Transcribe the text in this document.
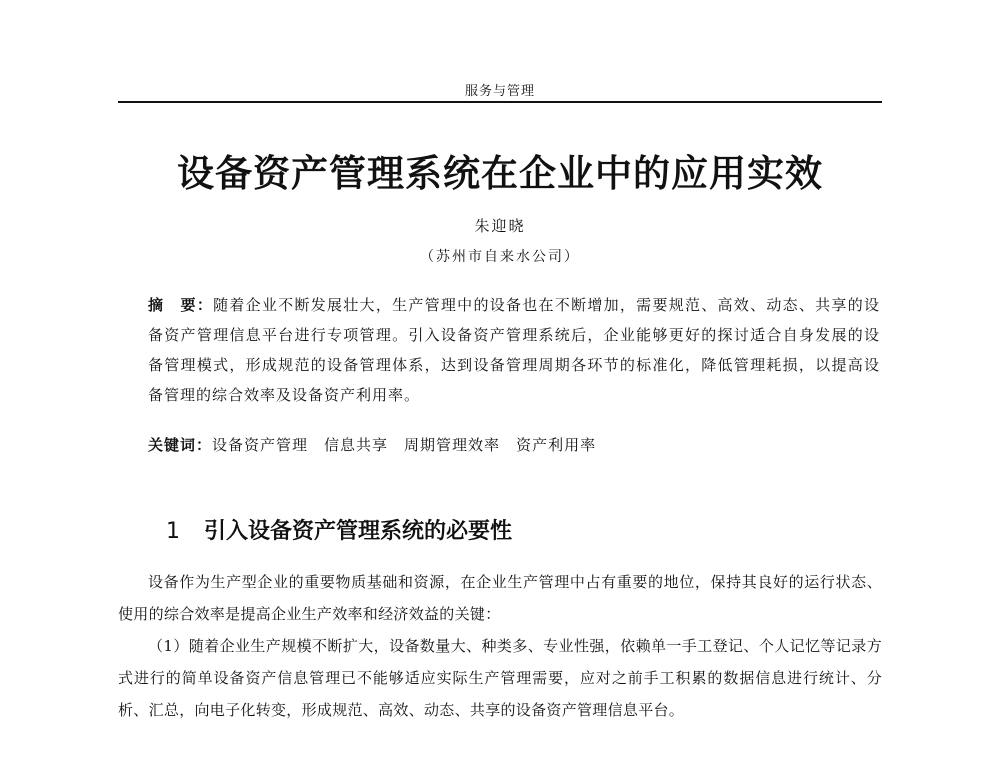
服务与管理
设备资产管理系统在企业中的应用实效
朱迎晓
（苏州市自来水公司）
摘　要：随着企业不断发展壮大，生产管理中的设备也在不断增加，需要规范、高效、动态、共享的设备资产管理信息平台进行专项管理。引入设备资产管理系统后，企业能够更好的探讨适合自身发展的设备管理模式，形成规范的设备管理体系，达到设备管理周期各环节的标准化，降低管理耗损，以提高设备管理的综合效率及设备资产利用率。
关键词：设备资产管理 信息共享 周期管理效率 资产利用率
1 引入设备资产管理系统的必要性

设备作为生产型企业的重要物质基础和资源，在企业生产管理中占有重要的地位，保持其良好的运行状态、使用的综合效率是提高企业生产效率和经济效益的关键：

（1）随着企业生产规模不断扩大，设备数量大、种类多、专业性强，依赖单一手工登记、个人记忆等记录方式进行的简单设备资产信息管理已不能够适应实际生产管理需要，应对之前手工积累的数据信息进行统计、分析、汇总，向电子化转变，形成规范、高效、动态、共享的设备资产管理信息平台。
